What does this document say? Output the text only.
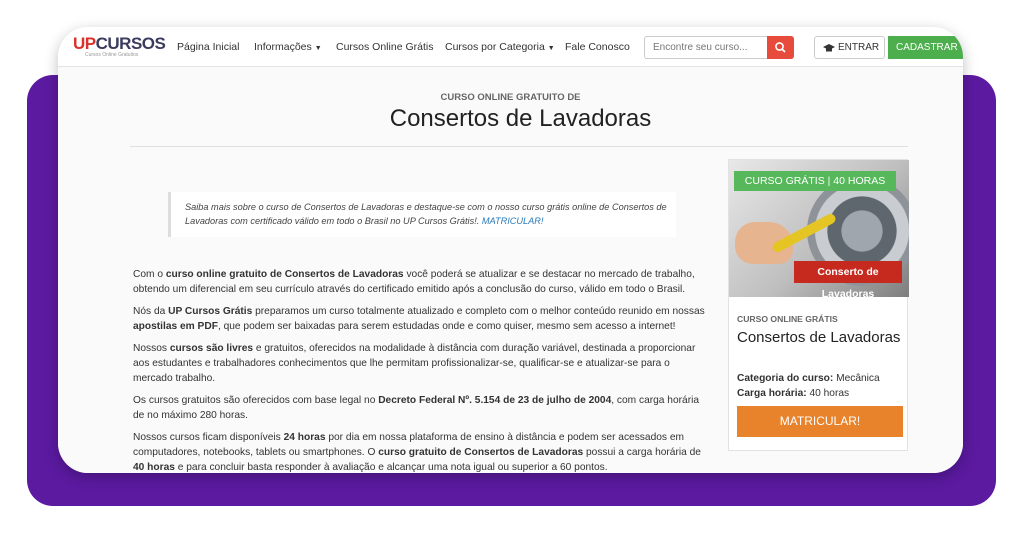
UPCURSOS
Cursos Online Gratuitos
Página Inicial Informações ▼ Cursos Online Grátis Cursos por Categoria ▼ Fale Conosco	Encontre seu curso...	ENTRAR	CADASTRAR
CURSO ONLINE GRATUITO DE
Consertos de Lavadoras
Saiba mais sobre o curso de Consertos de Lavadoras e destaque-se com o nosso curso grátis online de Consertos de Lavadoras com certificado válido em todo o Brasil no UP Cursos Grátis!. MATRICULAR!

Com o curso online gratuito de Consertos de Lavadoras você poderá se atualizar e se destacar no mercado de trabalho, obtendo um diferencial em seu currículo através do certificado emitido após a conclusão do curso, válido em todo o Brasil.

Nós da UP Cursos Grátis preparamos um curso totalmente atualizado e completo com o melhor conteúdo reunido em nossas apostilas em PDF, que podem ser baixadas para serem estudadas onde e como quiser, mesmo sem acesso a internet!

Nossos cursos são livres e gratuitos, oferecidos na modalidade à distância com duração variável, destinada a proporcionar aos estudantes e trabalhadores conhecimentos que lhe permitam profissionalizar-se, qualificar-se e atualizar-se para o mercado trabalho.

Os cursos gratuitos são oferecidos com base legal no Decreto Federal Nº. 5.154 de 23 de julho de 2004, com carga horária de no máximo 280 horas.

Nossos cursos ficam disponíveis 24 horas por dia em nossa plataforma de ensino à distância e podem ser acessados em computadores, notebooks, tablets ou smartphones. O curso gratuito de Consertos de Lavadoras possui a carga horária de 40 horas e para concluir basta responder à avaliação e alcançar uma nota igual ou superior a 60 pontos.

CURSO GRÁTIS | 40 HORAS
Conserto de Lavadoras
CURSO ONLINE GRÁTIS
Consertos de Lavadoras
Categoria do curso: Mecânica
Carga horária: 40 horas
MATRICULAR!
